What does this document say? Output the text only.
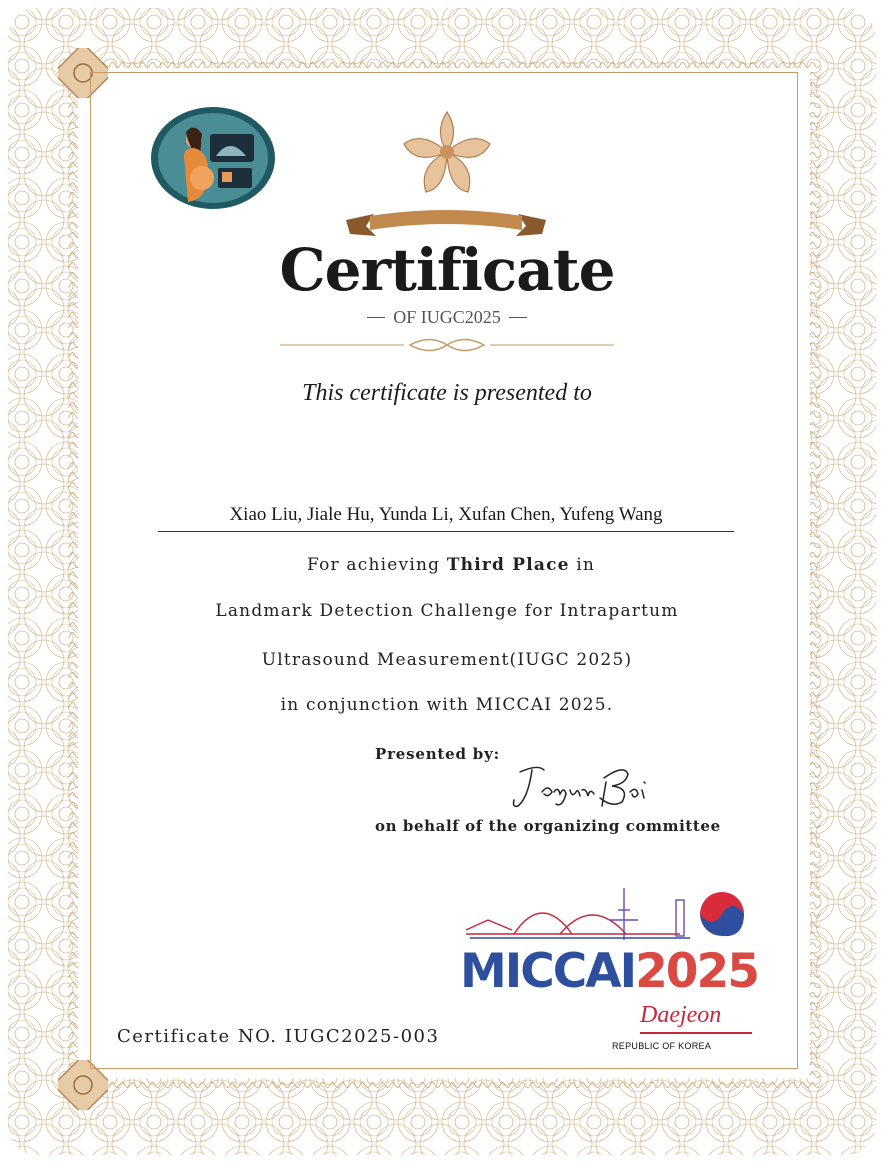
Certificate
OF IUGC2025
This certificate is presented to
Xiao Liu, Jiale Hu, Yunda Li, Xufan Chen, Yufeng Wang
For achieving Third Place in
Landmark Detection Challenge for Intrapartum
Ultrasound Measurement(IUGC 2025)
in conjunction with MICCAI 2025.
Presented by:
on behalf of the organizing committee
Certificate NO. IUGC2025-003
MICCAI2025
Daejeon
REPUBLIC OF KOREA
